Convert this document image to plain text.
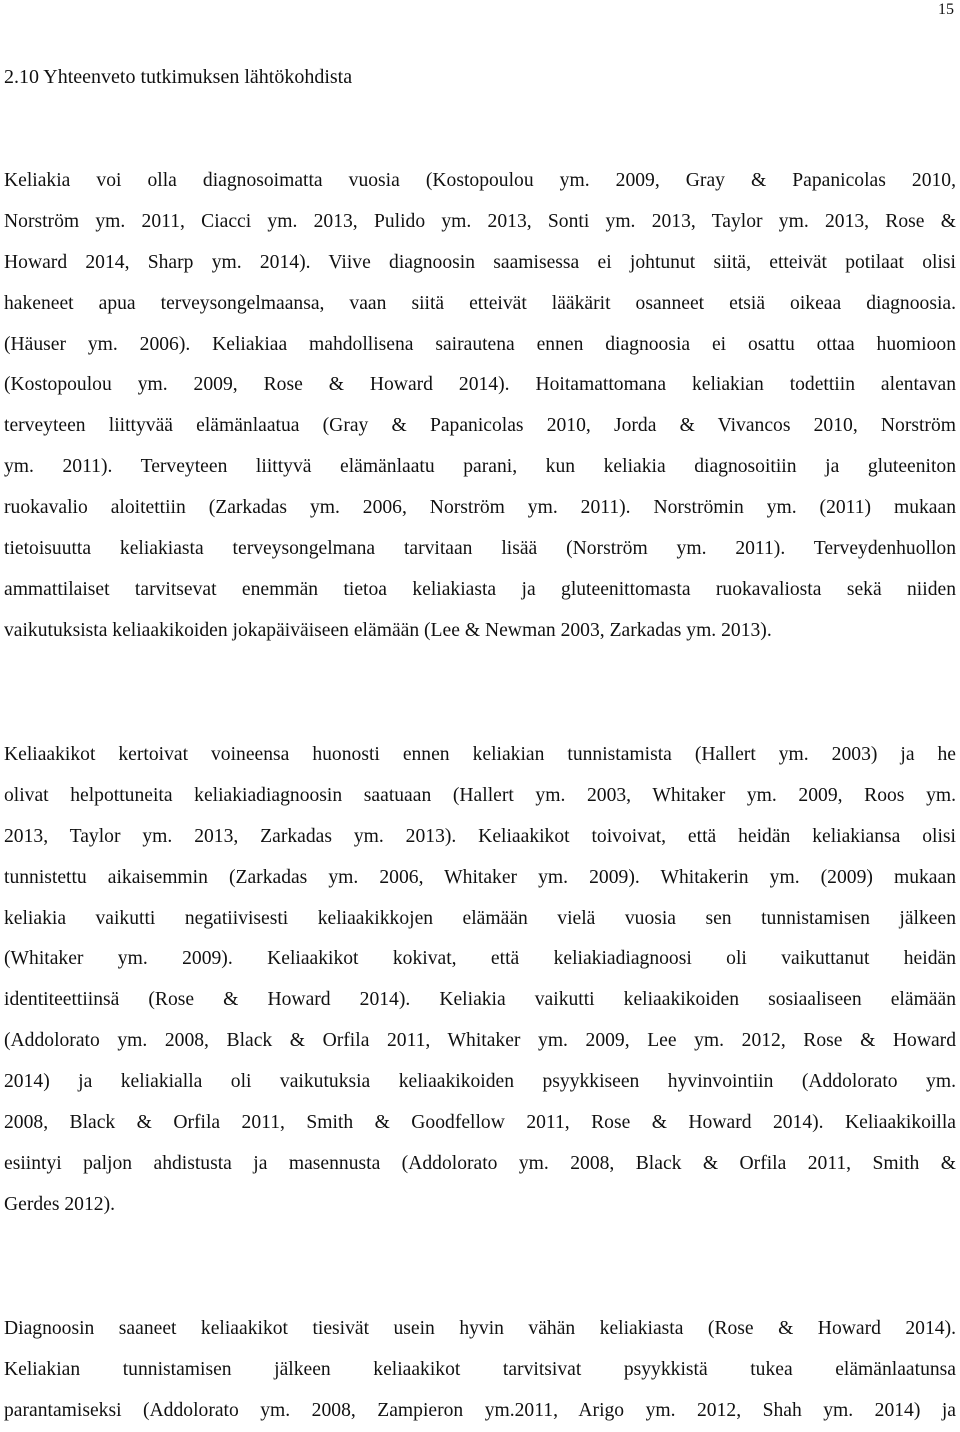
15
2.10 Yhteenveto tutkimuksen lähtökohdista
Keliakia voi olla diagnosoimatta vuosia (Kostopoulou ym. 2009, Gray & Papanicolas 2010,
Norström ym. 2011, Ciacci ym. 2013, Pulido ym. 2013, Sonti ym. 2013, Taylor ym. 2013, Rose &
Howard 2014, Sharp ym. 2014). Viive diagnoosin saamisessa ei johtunut siitä, etteivät potilaat olisi
hakeneet apua terveysongelmaansa, vaan siitä etteivät lääkärit osanneet etsiä oikeaa diagnoosia.
(Häuser ym. 2006). Keliakiaa mahdollisena sairautena ennen diagnoosia ei osattu ottaa huomioon
(Kostopoulou ym. 2009, Rose & Howard 2014). Hoitamattomana keliakian todettiin alentavan
terveyteen liittyvää elämänlaatua (Gray & Papanicolas 2010, Jorda & Vivancos 2010, Norström
ym. 2011). Terveyteen liittyvä elämänlaatu parani, kun keliakia diagnosoitiin ja gluteeniton
ruokavalio aloitettiin (Zarkadas ym. 2006, Norström ym. 2011). Norströmin ym. (2011) mukaan
tietoisuutta keliakiasta terveysongelmana tarvitaan lisää (Norström ym. 2011). Terveydenhuollon
ammattilaiset tarvitsevat enemmän tietoa keliakiasta ja gluteenittomasta ruokavaliosta sekä niiden
vaikutuksista keliaakikoiden jokapäiväiseen elämään (Lee & Newman 2003, Zarkadas ym. 2013).
Keliaakikot kertoivat voineensa huonosti ennen keliakian tunnistamista (Hallert ym. 2003) ja he
olivat helpottuneita keliakiadiagnoosin saatuaan (Hallert ym. 2003, Whitaker ym. 2009, Roos ym.
2013, Taylor ym. 2013, Zarkadas ym. 2013). Keliaakikot toivoivat, että heidän keliakiansa olisi
tunnistettu aikaisemmin (Zarkadas ym. 2006, Whitaker ym. 2009). Whitakerin ym. (2009) mukaan
keliakia vaikutti negatiivisesti keliaakikkojen elämään vielä vuosia sen tunnistamisen jälkeen
(Whitaker ym. 2009). Keliaakikot kokivat, että keliakiadiagnoosi oli vaikuttanut heidän
identiteettiinsä (Rose & Howard 2014). Keliakia vaikutti keliaakikoiden sosiaaliseen elämään
(Addolorato ym. 2008, Black & Orfila 2011, Whitaker ym. 2009, Lee ym. 2012, Rose & Howard
2014) ja keliakialla oli vaikutuksia keliaakikoiden psyykkiseen hyvinvointiin (Addolorato ym.
2008, Black & Orfila 2011, Smith & Goodfellow 2011, Rose & Howard 2014). Keliaakikoilla
esiintyi paljon ahdistusta ja masennusta (Addolorato ym. 2008, Black & Orfila 2011, Smith &
Gerdes 2012).
Diagnoosin saaneet keliaakikot tiesivät usein hyvin vähän keliakiasta (Rose & Howard 2014).
Keliakian tunnistamisen jälkeen keliaakikot tarvitsivat psyykkistä tukea elämänlaatunsa
parantamiseksi (Addolorato ym. 2008, Zampieron ym.2011, Arigo ym. 2012, Shah ym. 2014) ja
